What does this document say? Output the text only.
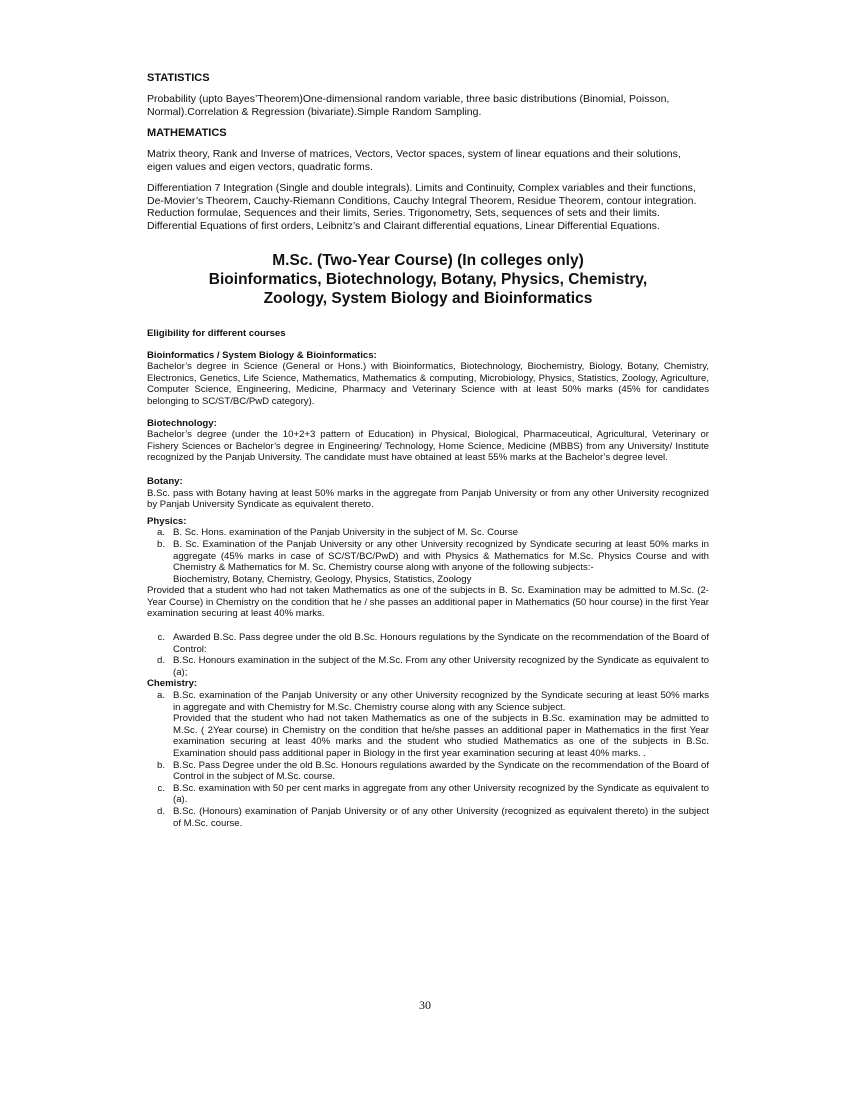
STATISTICS

Probability (upto Bayes’Theorem)One-dimensional random variable, three basic distributions (Binomial, Poisson, Normal).Correlation & Regression (bivariate).Simple Random Sampling.

MATHEMATICS

Matrix theory, Rank and Inverse of matrices, Vectors, Vector spaces, system of linear equations and their solutions, eigen values and eigen vectors, quadratic forms.

Differentiation 7 Integration (Single and double integrals). Limits and Continuity, Complex variables and their functions, De-Movier’s Theorem, Cauchy-Riemann Conditions, Cauchy Integral Theorem, Residue Theorem, contour integration. Reduction formulae, Sequences and their limits, Series. Trigonometry, Sets, sequences of sets and their limits. Differential Equations of first orders, Leibnitz’s and Clairant differential equations, Linear Differential Equations.

M.Sc. (Two-Year Course) (In colleges only)

Bioinformatics, Biotechnology, Botany, Physics, Chemistry,

Zoology, System Biology and Bioinformatics

Eligibility for different courses

Bioinformatics / System Biology & Bioinformatics:

Bachelor’s degree in Science (General or Hons.) with Bioinformatics, Biotechnology, Biochemistry, Biology, Botany, Chemistry, Electronics, Genetics, Life Science, Mathematics, Mathematics & computing, Microbiology, Physics, Statistics, Zoology, Agriculture, Computer Science, Engineering, Medicine, Pharmacy and Veterinary Science with at least 50% marks (45% for candidates belonging to SC/ST/BC/PwD category).

Biotechnology:

Bachelor’s degree (under the 10+2+3 pattern of Education) in Physical, Biological, Pharmaceutical, Agricultural, Veterinary or Fishery Sciences or Bachelor’s degree in Engineering/ Technology, Home Science, Medicine (MBBS) from any University/ Institute recognized by the Panjab University. The candidate must have obtained at least 55% marks at the Bachelor’s degree level.

Botany:

B.Sc. pass with Botany having at least 50% marks in the aggregate from Panjab University or from any other University recognized by Panjab University Syndicate as equivalent thereto.

Physics:

a. B. Sc. Hons. examination of the Panjab University in the subject of M. Sc. Course
b. B. Sc. Examination of the Panjab University or any other University recognized by Syndicate securing at least 50% marks in aggregate (45% marks in case of SC/ST/BC/PwD) and with Physics & Mathematics for M.Sc. Physics Course and with Chemistry & Mathematics for M. Sc. Chemistry course along with anyone of the following subjects:-
Biochemistry, Botany, Chemistry, Geology, Physics, Statistics, Zoology

Provided that a student who had not taken Mathematics as one of the subjects in B. Sc. Examination may be admitted to M.Sc. (2-Year Course) in Chemistry on the condition that he / she passes an additional paper in Mathematics (50 hour course) in the first Year examination securing at least 40% marks.

c. Awarded B.Sc. Pass degree under the old B.Sc. Honours regulations by the Syndicate on the recommendation of the Board of Control:
d. B.Sc. Honours examination in the subject of the M.Sc. From any other University recognized by the Syndicate as equivalent to (a);

Chemistry:

a. B.Sc. examination of the Panjab University or any other University recognized by the Syndicate securing at least 50% marks in aggregate and with Chemistry for M.Sc. Chemistry course along with any Science subject.
Provided that the student who had not taken Mathematics as one of the subjects in B.Sc. examination may be admitted to M.Sc. ( 2Year course) in Chemistry on the condition that he/she passes an additional paper in Mathematics in the first Year examination securing at least 40% marks and the student who studied Mathematics as one of the subjects in B.Sc. Examination should pass additional paper in Biology in the first year examination securing at least 40% marks. .
b. B.Sc. Pass Degree under the old B.Sc. Honours regulations awarded by the Syndicate on the recommendation of the Board of Control in the subject of M.Sc. course.
c. B.Sc. examination with 50 per cent marks in aggregate from any other University recognized by the Syndicate as equivalent to (a).
d. B.Sc. (Honours) examination of Panjab University or of any other University (recognized as equivalent thereto) in the subject of M.Sc. course.
30
